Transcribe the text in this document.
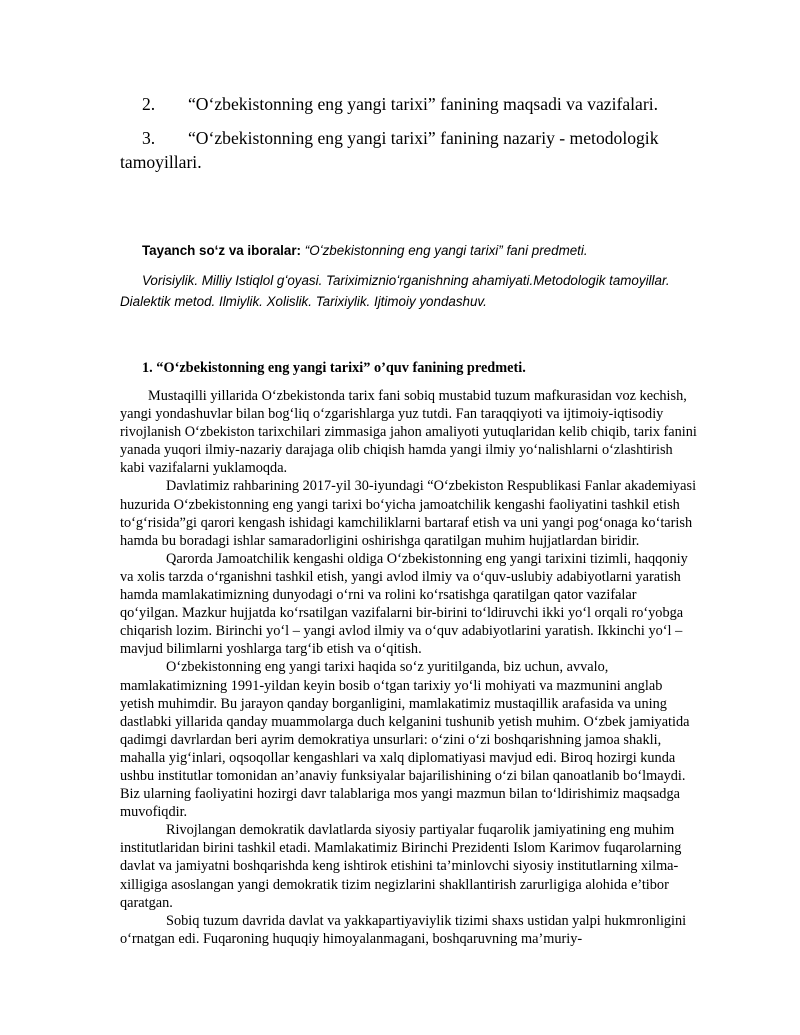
2. “Oʻzbekistonning eng yangi tarixi” fanining maqsadi va vazifalari.
3. “Oʻzbekistonning eng yangi tarixi” fanining nazariy - metodologik tamoyillari.

Tayanch soʻz va iboralar: “Oʻzbekistonning eng yangi tarixi” fani predmeti.

Vorisiylik. Milliy Istiqlol gʻoyasi. Tariximizniоʻrganishning ahamiyati.Metodologik tamoyillar. Dialektik metod. Ilmiylik. Xolislik. Tarixiylik. Ijtimoiy yondashuv.

1. “Oʻzbekistonning eng yangi tarixi” o’quv fanining predmeti.

Mustaqilli yillarida Oʻzbekistonda tarix fani sobiq mustabid tuzum mafkurasidan voz kechish, yangi yondashuvlar bilan bogʻliq oʻzgarishlarga yuz tutdi. Fan taraqqiyoti va ijtimoiy-iqtisodiy rivojlanish Oʻzbekiston tarixchilari zimmasiga jahon amaliyoti yutuqlaridan kelib chiqib, tarix fanini yanada yuqori ilmiy-nazariy darajaga olib chiqish hamda yangi ilmiy yoʻnalishlarni oʻzlashtirish kabi vazifalarni yuklamoqda.

Davlatimiz rahbarining 2017-yil 30-iyundagi “Oʻzbekiston Respublikasi Fanlar akademiyasi huzurida Oʻzbekistonning eng yangi tarixi boʻyicha jamoatchilik kengashi faoliyatini tashkil etish toʻgʻrisida”gi qarori kengash ishidagi kamchiliklarni bartaraf etish va uni yangi pogʻonaga koʻtarish hamda bu boradagi ishlar samaradorligini oshirishga qaratilgan muhim hujjatlardan biridir.

Qarorda Jamoatchilik kengashi oldiga Oʻzbekistonning eng yangi tarixini tizimli, haqqoniy va xolis tarzda oʻrganishni tashkil etish, yangi avlod ilmiy va oʻquv-uslubiy adabiyotlarni yaratish hamda mamlakatimizning dunyodagi oʻrni va rolini koʻrsatishga qaratilgan qator vazifalar qoʻyilgan. Mazkur hujjatda koʻrsatilgan vazifalarni bir-birini toʻldiruvchi ikki yoʻl orqali roʻyobga chiqarish lozim. Birinchi yoʻl – yangi avlod ilmiy va oʻquv adabiyotlarini yaratish. Ikkinchi yoʻl – mavjud bilimlarni yoshlarga targʻib etish va oʻqitish.

Oʻzbekistonning eng yangi tarixi haqida soʻz yuritilganda, biz uchun, avvalo, mamlakatimizning 1991-yildan keyin bosib oʻtgan tarixiy yoʻli mohiyati va mazmunini anglab yetish muhimdir. Bu jarayon qanday borganligini, mamlakatimiz mustaqillik arafasida va uning dastlabki yillarida qanday muammolarga duch kelganini tushunib yetish muhim. Oʻzbek jamiyatida qadimgi davrlardan beri ayrim demokratiya unsurlari: oʻzini oʻzi boshqarishning jamoa shakli, mahalla yigʻinlari, oqsoqollar kengashlari va xalq diplomatiyasi mavjud edi. Biroq hozirgi kunda ushbu institutlar tomonidan an’anaviy funksiyalar bajarilishining oʻzi bilan qanoatlanib boʻlmaydi. Biz ularning faoliyatini hozirgi davr talablariga mos yangi mazmun bilan toʻldirishimiz maqsadga muvofiqdir.

Rivojlangan demokratik davlatlarda siyosiy partiyalar fuqarolik jamiyatining eng muhim institutlaridan birini tashkil etadi. Mamlakatimiz Birinchi Prezidenti Islom Karimov fuqarolarning davlat va jamiyatni boshqarishda keng ishtirok etishini ta’minlovchi siyosiy institutlarning xilma-xilligiga asoslangan yangi demokratik tizim negizlarini shakllantirish zarurligiga alohida e’tibor qaratgan.

Sobiq tuzum davrida davlat va yakkapartiyaviylik tizimi shaxs ustidan yalpi hukmronligini oʻrnatgan edi. Fuqaroning huquqiy himoyalanmagani, boshqaruvning ma’muriy-
